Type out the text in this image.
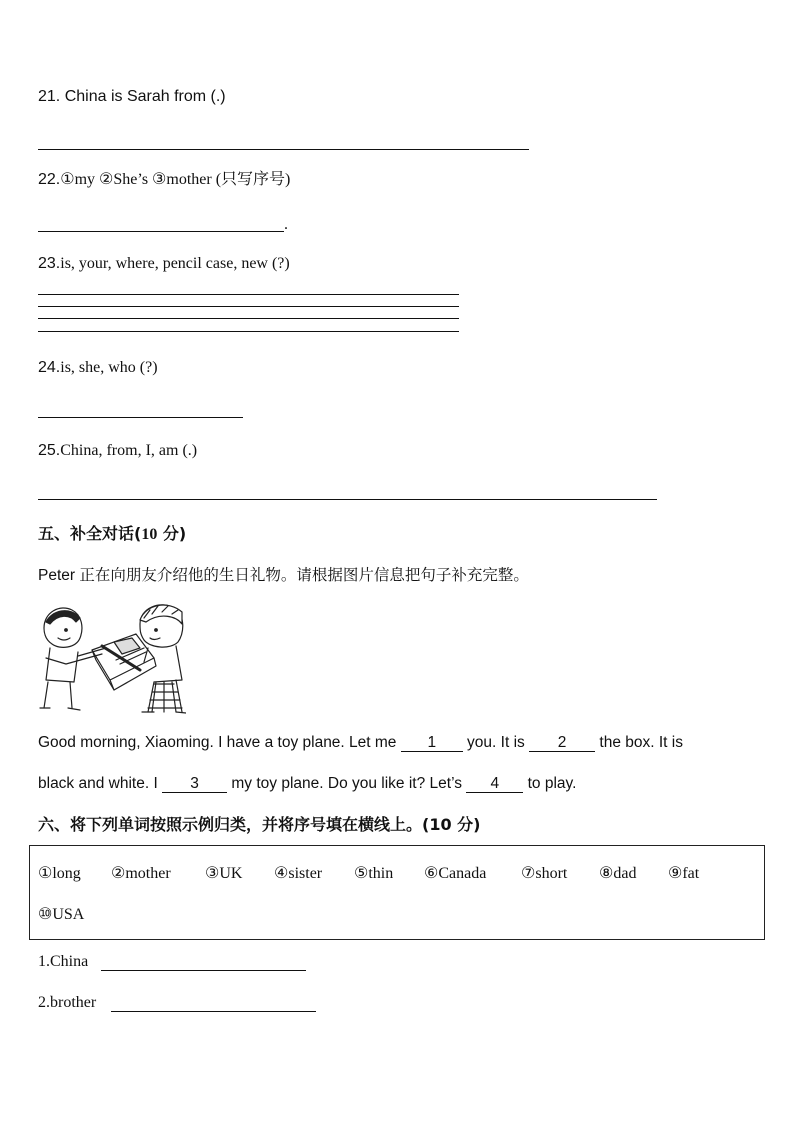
21. China is Sarah from (.)
22.①my ②She’s ③mother (只写序号)
.
23.is, your, where, pencil case, new (?)
24.is, she, who (?)
25.China, from, I, am (.)
五、补全对话(10 分)
Peter 正在向朋友介绍他的生日礼物。请根据图片信息把句子补充完整。
Good morning, Xiaoming. I have a toy plane. Let me 1 you. It is 2 the box. It is
black and white. I 3 my toy plane. Do you like it? Let’s 4 to play.
六、将下列单词按照示例归类，并将序号填在横线上。(10 分)
①long ②mother ③UK ④sister ⑤thin ⑥Canada ⑦short ⑧dad ⑨fat
⑩USA
1.China
2.brother
